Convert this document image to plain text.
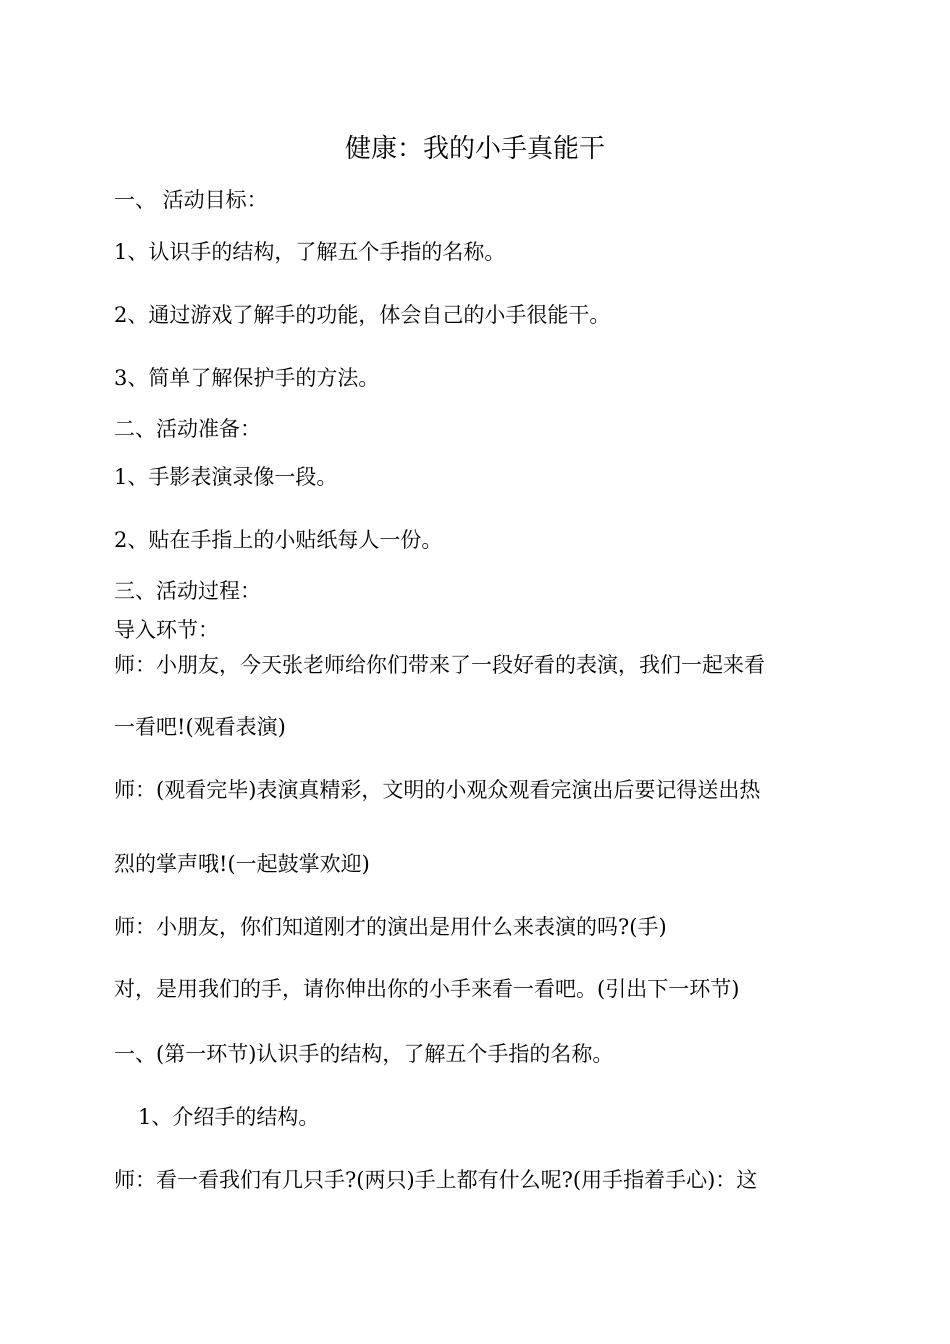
健康：我的小手真能干
一、 活动目标：
1、认识手的结构，了解五个手指的名称。
2、通过游戏了解手的功能，体会自己的小手很能干。
3、简单了解保护手的方法。
二、活动准备：
1、手影表演录像一段。
2、贴在手指上的小贴纸每人一份。
三、活动过程：
导入环节：
师：小朋友，今天张老师给你们带来了一段好看的表演，我们一起来看
一看吧!(观看表演)
师：(观看完毕)表演真精彩，文明的小观众观看完演出后要记得送出热
烈的掌声哦!(一起鼓掌欢迎)
师：小朋友，你们知道刚才的演出是用什么来表演的吗?(手)
对，是用我们的手，请你伸出你的小手来看一看吧。(引出下一环节)
一、(第一环节)认识手的结构，了解五个手指的名称。
1、介绍手的结构。
师：看一看我们有几只手?(两只)手上都有什么呢?(用手指着手心)：这
